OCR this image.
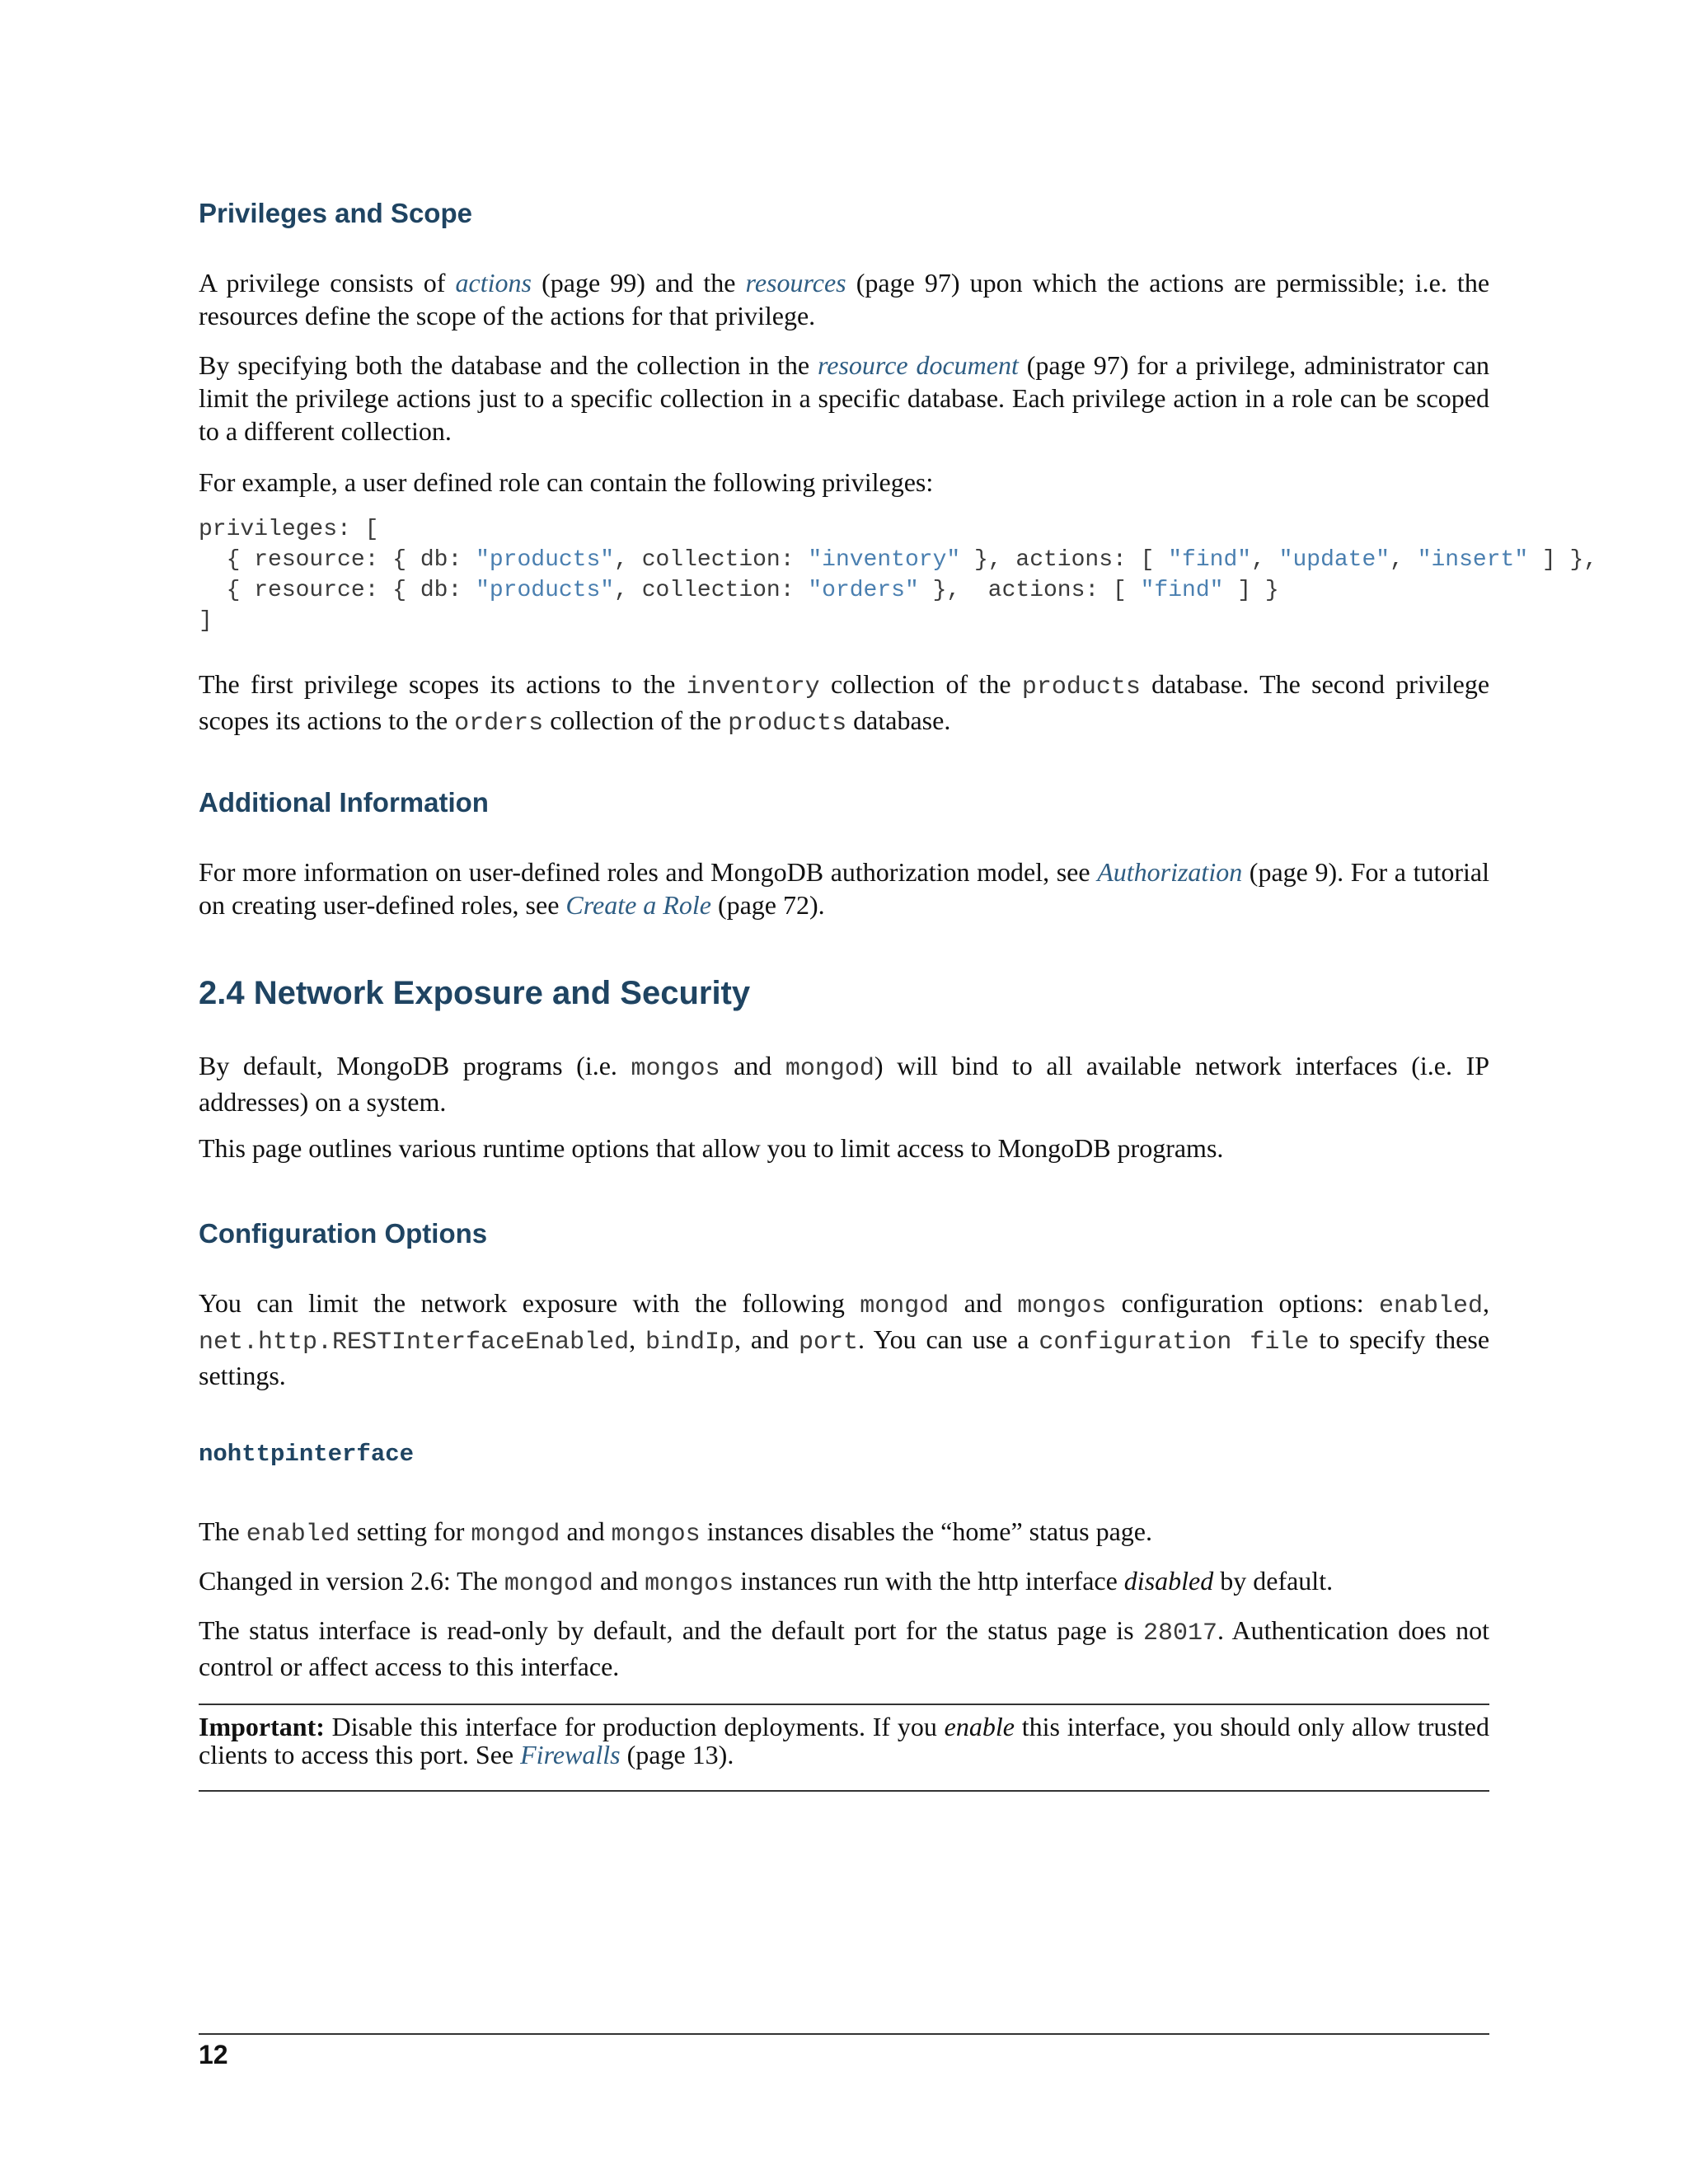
Privileges and Scope

A privilege consists of actions (page 99) and the resources (page 97) upon which the actions are permissible; i.e. the resources define the scope of the actions for that privilege.

By specifying both the database and the collection in the resource document (page 97) for a privilege, administrator can limit the privilege actions just to a specific collection in a specific database. Each privilege action in a role can be scoped to a different collection.

For example, a user defined role can contain the following privileges:

privileges: [
{ resource: { db: "products", collection: "inventory" }, actions: [ "find", "update", "insert" ] },
{ resource: { db: "products", collection: "orders" },  actions: [ "find" ] }
]

The first privilege scopes its actions to the inventory collection of the products database. The second privilege scopes its actions to the orders collection of the products database.

Additional Information

For more information on user-defined roles and MongoDB authorization model, see Authorization (page 9). For a tutorial on creating user-defined roles, see Create a Role (page 72).

2.4 Network Exposure and Security

By default, MongoDB programs (i.e. mongos and mongod) will bind to all available network interfaces (i.e. IP addresses) on a system.

This page outlines various runtime options that allow you to limit access to MongoDB programs.

Configuration Options

You can limit the network exposure with the following mongod and mongos configuration options: enabled, net.http.RESTInterfaceEnabled, bindIp, and port. You can use a configuration file to specify these settings.

nohttpinterface

The enabled setting for mongod and mongos instances disables the “home” status page.

Changed in version 2.6: The mongod and mongos instances run with the http interface disabled by default.

The status interface is read-only by default, and the default port for the status page is 28017. Authentication does not control or affect access to this interface.

Important: Disable this interface for production deployments. If you enable this interface, you should only allow trusted clients to access this port. See Firewalls (page 13).

12
